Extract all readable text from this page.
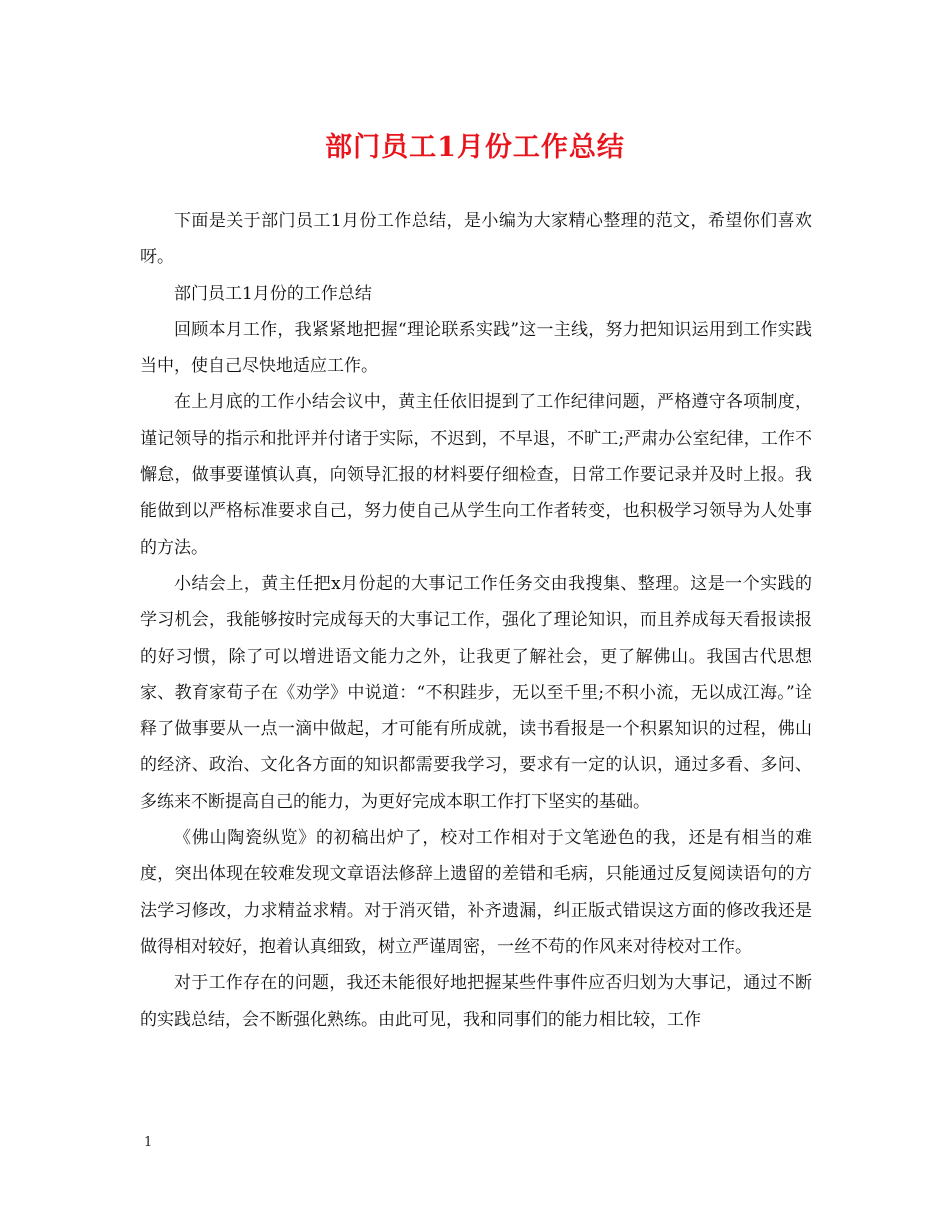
部门员工1月份工作总结

下面是关于部门员工1月份工作总结，是小编为大家精心整理的范文，希望你们喜欢呀。

部门员工1月份的工作总结

回顾本月工作，我紧紧地把握“理论联系实践”这一主线，努力把知识运用到工作实践当中，使自己尽快地适应工作。

在上月底的工作小结会议中，黄主任依旧提到了工作纪律问题，严格遵守各项制度，谨记领导的指示和批评并付诸于实际，不迟到，不早退，不旷工;严肃办公室纪律，工作不懈怠，做事要谨慎认真，向领导汇报的材料要仔细检查，日常工作要记录并及时上报。我能做到以严格标准要求自己，努力使自己从学生向工作者转变，也积极学习领导为人处事的方法。

小结会上，黄主任把x月份起的大事记工作任务交由我搜集、整理。这是一个实践的学习机会，我能够按时完成每天的大事记工作，强化了理论知识，而且养成每天看报读报的好习惯，除了可以增进语文能力之外，让我更了解社会，更了解佛山。我国古代思想家、教育家荀子在《劝学》中说道：“不积跬步，无以至千里;不积小流，无以成江海。”诠释了做事要从一点一滴中做起，才可能有所成就，读书看报是一个积累知识的过程，佛山的经济、政治、文化各方面的知识都需要我学习，要求有一定的认识，通过多看、多问、多练来不断提高自己的能力，为更好完成本职工作打下坚实的基础。

《佛山陶瓷纵览》的初稿出炉了，校对工作相对于文笔逊色的我，还是有相当的难度，突出体现在较难发现文章语法修辞上遗留的差错和毛病，只能通过反复阅读语句的方法学习修改，力求精益求精。对于消灭错，补齐遗漏，纠正版式错误这方面的修改我还是做得相对较好，抱着认真细致，树立严谨周密，一丝不苟的作风来对待校对工作。

对于工作存在的问题，我还未能很好地把握某些件事件应否归划为大事记，通过不断的实践总结，会不断强化熟练。由此可见，我和同事们的能力相比较，工作

1
